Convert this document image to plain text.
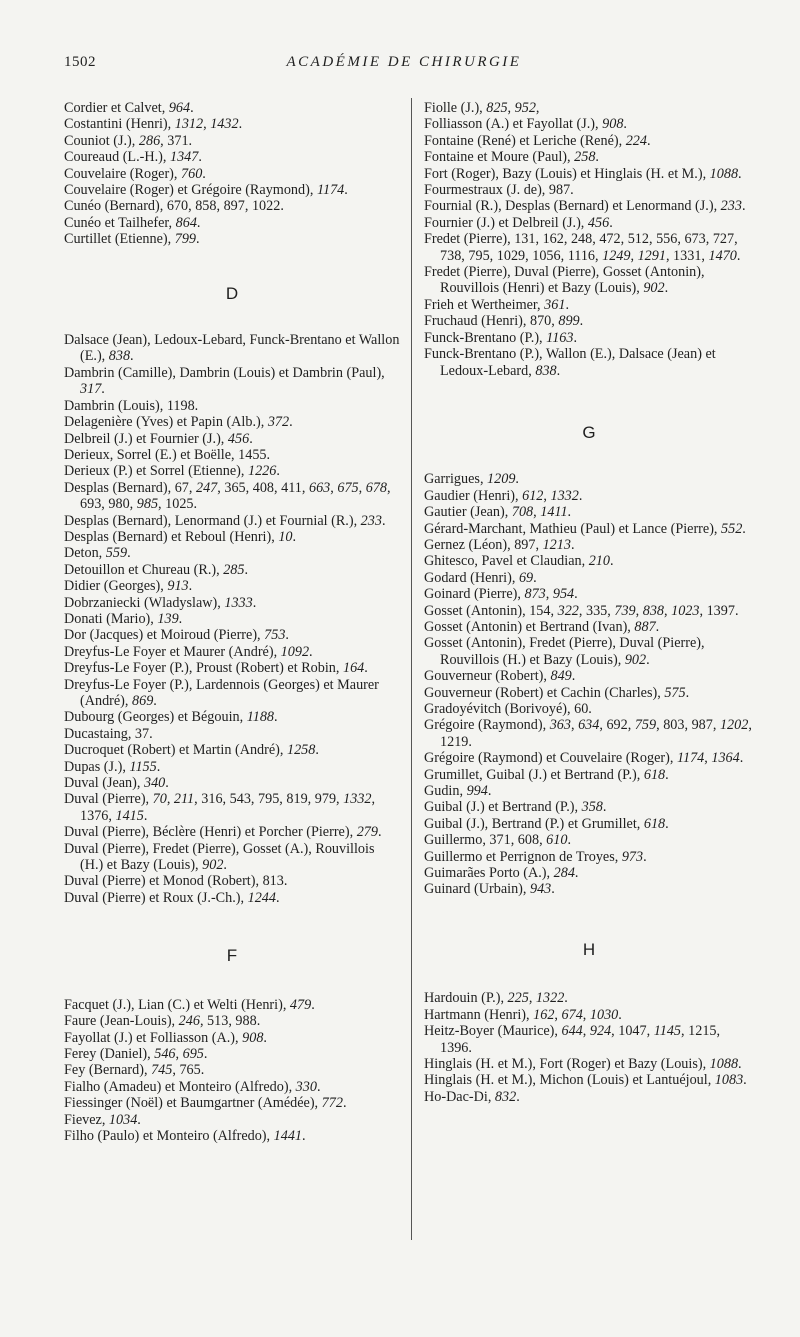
1502	ACADÉMIE DE CHIRURGIE

Cordier et Calvet, 964.

Costantini (Henri), 1312, 1432.

Couniot (J.), 286, 371.

Coureaud (L.-H.), 1347.

Couvelaire (Roger), 760.

Couvelaire (Roger) et Grégoire (Raymond), 1174.

Cunéo (Bernard), 670, 858, 897, 1022.

Cunéo et Tailhefer, 864.

Curtillet (Etienne), 799.

D

Dalsace (Jean), Ledoux-Lebard, Funck-Brentano et Wallon (E.), 838.

Dambrin (Camille), Dambrin (Louis) et Dambrin (Paul), 317.

Dambrin (Louis), 1198.

Delagenière (Yves) et Papin (Alb.), 372.

Delbreil (J.) et Fournier (J.), 456.

Derieux, Sorrel (E.) et Boëlle, 1455.

Derieux (P.) et Sorrel (Etienne), 1226.

Desplas (Bernard), 67, 247, 365, 408, 411, 663, 675, 678, 693, 980, 985, 1025.

Desplas (Bernard), Lenormand (J.) et Fournial (R.), 233.

Desplas (Bernard) et Reboul (Henri), 10.

Deton, 559.

Detouillon et Chureau (R.), 285.

Didier (Georges), 913.

Dobrzaniecki (Wladyslaw), 1333.

Donati (Mario), 139.

Dor (Jacques) et Moiroud (Pierre), 753.

Dreyfus-Le Foyer et Maurer (André), 1092.

Dreyfus-Le Foyer (P.), Proust (Robert) et Robin, 164.

Dreyfus-Le Foyer (P.), Lardennois (Georges) et Maurer (André), 869.

Dubourg (Georges) et Bégouin, 1188.

Ducastaing, 37.

Ducroquet (Robert) et Martin (André), 1258.

Dupas (J.), 1155.

Duval (Jean), 340.

Duval (Pierre), 70, 211, 316, 543, 795, 819, 979, 1332, 1376, 1415.

Duval (Pierre), Béclère (Henri) et Porcher (Pierre), 279.

Duval (Pierre), Fredet (Pierre), Gosset (A.), Rouvillois (H.) et Bazy (Louis), 902.

Duval (Pierre) et Monod (Robert), 813.

Duval (Pierre) et Roux (J.-Ch.), 1244.

F

Facquet (J.), Lian (C.) et Welti (Henri), 479.

Faure (Jean-Louis), 246, 513, 988.

Fayollat (J.) et Folliasson (A.), 908.

Ferey (Daniel), 546, 695.

Fey (Bernard), 745, 765.

Fialho (Amadeu) et Monteiro (Alfredo), 330.

Fiessinger (Noël) et Baumgartner (Amédée), 772.

Fievez, 1034.

Filho (Paulo) et Monteiro (Alfredo), 1441.

Fiolle (J.), 825, 952,

Folliasson (A.) et Fayollat (J.), 908.

Fontaine (René) et Leriche (René), 224.

Fontaine et Moure (Paul), 258.

Fort (Roger), Bazy (Louis) et Hinglais (H. et M.), 1088.

Fourmestraux (J. de), 987.

Fournial (R.), Desplas (Bernard) et Lenormand (J.), 233.

Fournier (J.) et Delbreil (J.), 456.

Fredet (Pierre), 131, 162, 248, 472, 512, 556, 673, 727, 738, 795, 1029, 1056, 1116, 1249, 1291, 1331, 1470.

Fredet (Pierre), Duval (Pierre), Gosset (Antonin), Rouvillois (Henri) et Bazy (Louis), 902.

Frieh et Wertheimer, 361.

Fruchaud (Henri), 870, 899.

Funck-Brentano (P.), 1163.

Funck-Brentano (P.), Wallon (E.), Dalsace (Jean) et Ledoux-Lebard, 838.

G

Garrigues, 1209.

Gaudier (Henri), 612, 1332.

Gautier (Jean), 708, 1411.

Gérard-Marchant, Mathieu (Paul) et Lance (Pierre), 552.

Gernez (Léon), 897, 1213.

Ghitesco, Pavel et Claudian, 210.

Godard (Henri), 69.

Goinard (Pierre), 873, 954.

Gosset (Antonin), 154, 322, 335, 739, 838, 1023, 1397.

Gosset (Antonin) et Bertrand (Ivan), 887.

Gosset (Antonin), Fredet (Pierre), Duval (Pierre), Rouvillois (H.) et Bazy (Louis), 902.

Gouverneur (Robert), 849.

Gouverneur (Robert) et Cachin (Charles), 575.

Gradoyévitch (Borivoyé), 60.

Grégoire (Raymond), 363, 634, 692, 759, 803, 987, 1202, 1219.

Grégoire (Raymond) et Couvelaire (Roger), 1174, 1364.

Grumillet, Guibal (J.) et Bertrand (P.), 618.

Gudin, 994.

Guibal (J.) et Bertrand (P.), 358.

Guibal (J.), Bertrand (P.) et Grumillet, 618.

Guillermo, 371, 608, 610.

Guillermo et Perrignon de Troyes, 973.

Guimarães Porto (A.), 284.

Guinard (Urbain), 943.

H

Hardouin (P.), 225, 1322.

Hartmann (Henri), 162, 674, 1030.

Heitz-Boyer (Maurice), 644, 924, 1047, 1145, 1215, 1396.

Hinglais (H. et M.), Fort (Roger) et Bazy (Louis), 1088.

Hinglais (H. et M.), Michon (Louis) et Lantuéjoul, 1083.

Ho-Dac-Di, 832.
